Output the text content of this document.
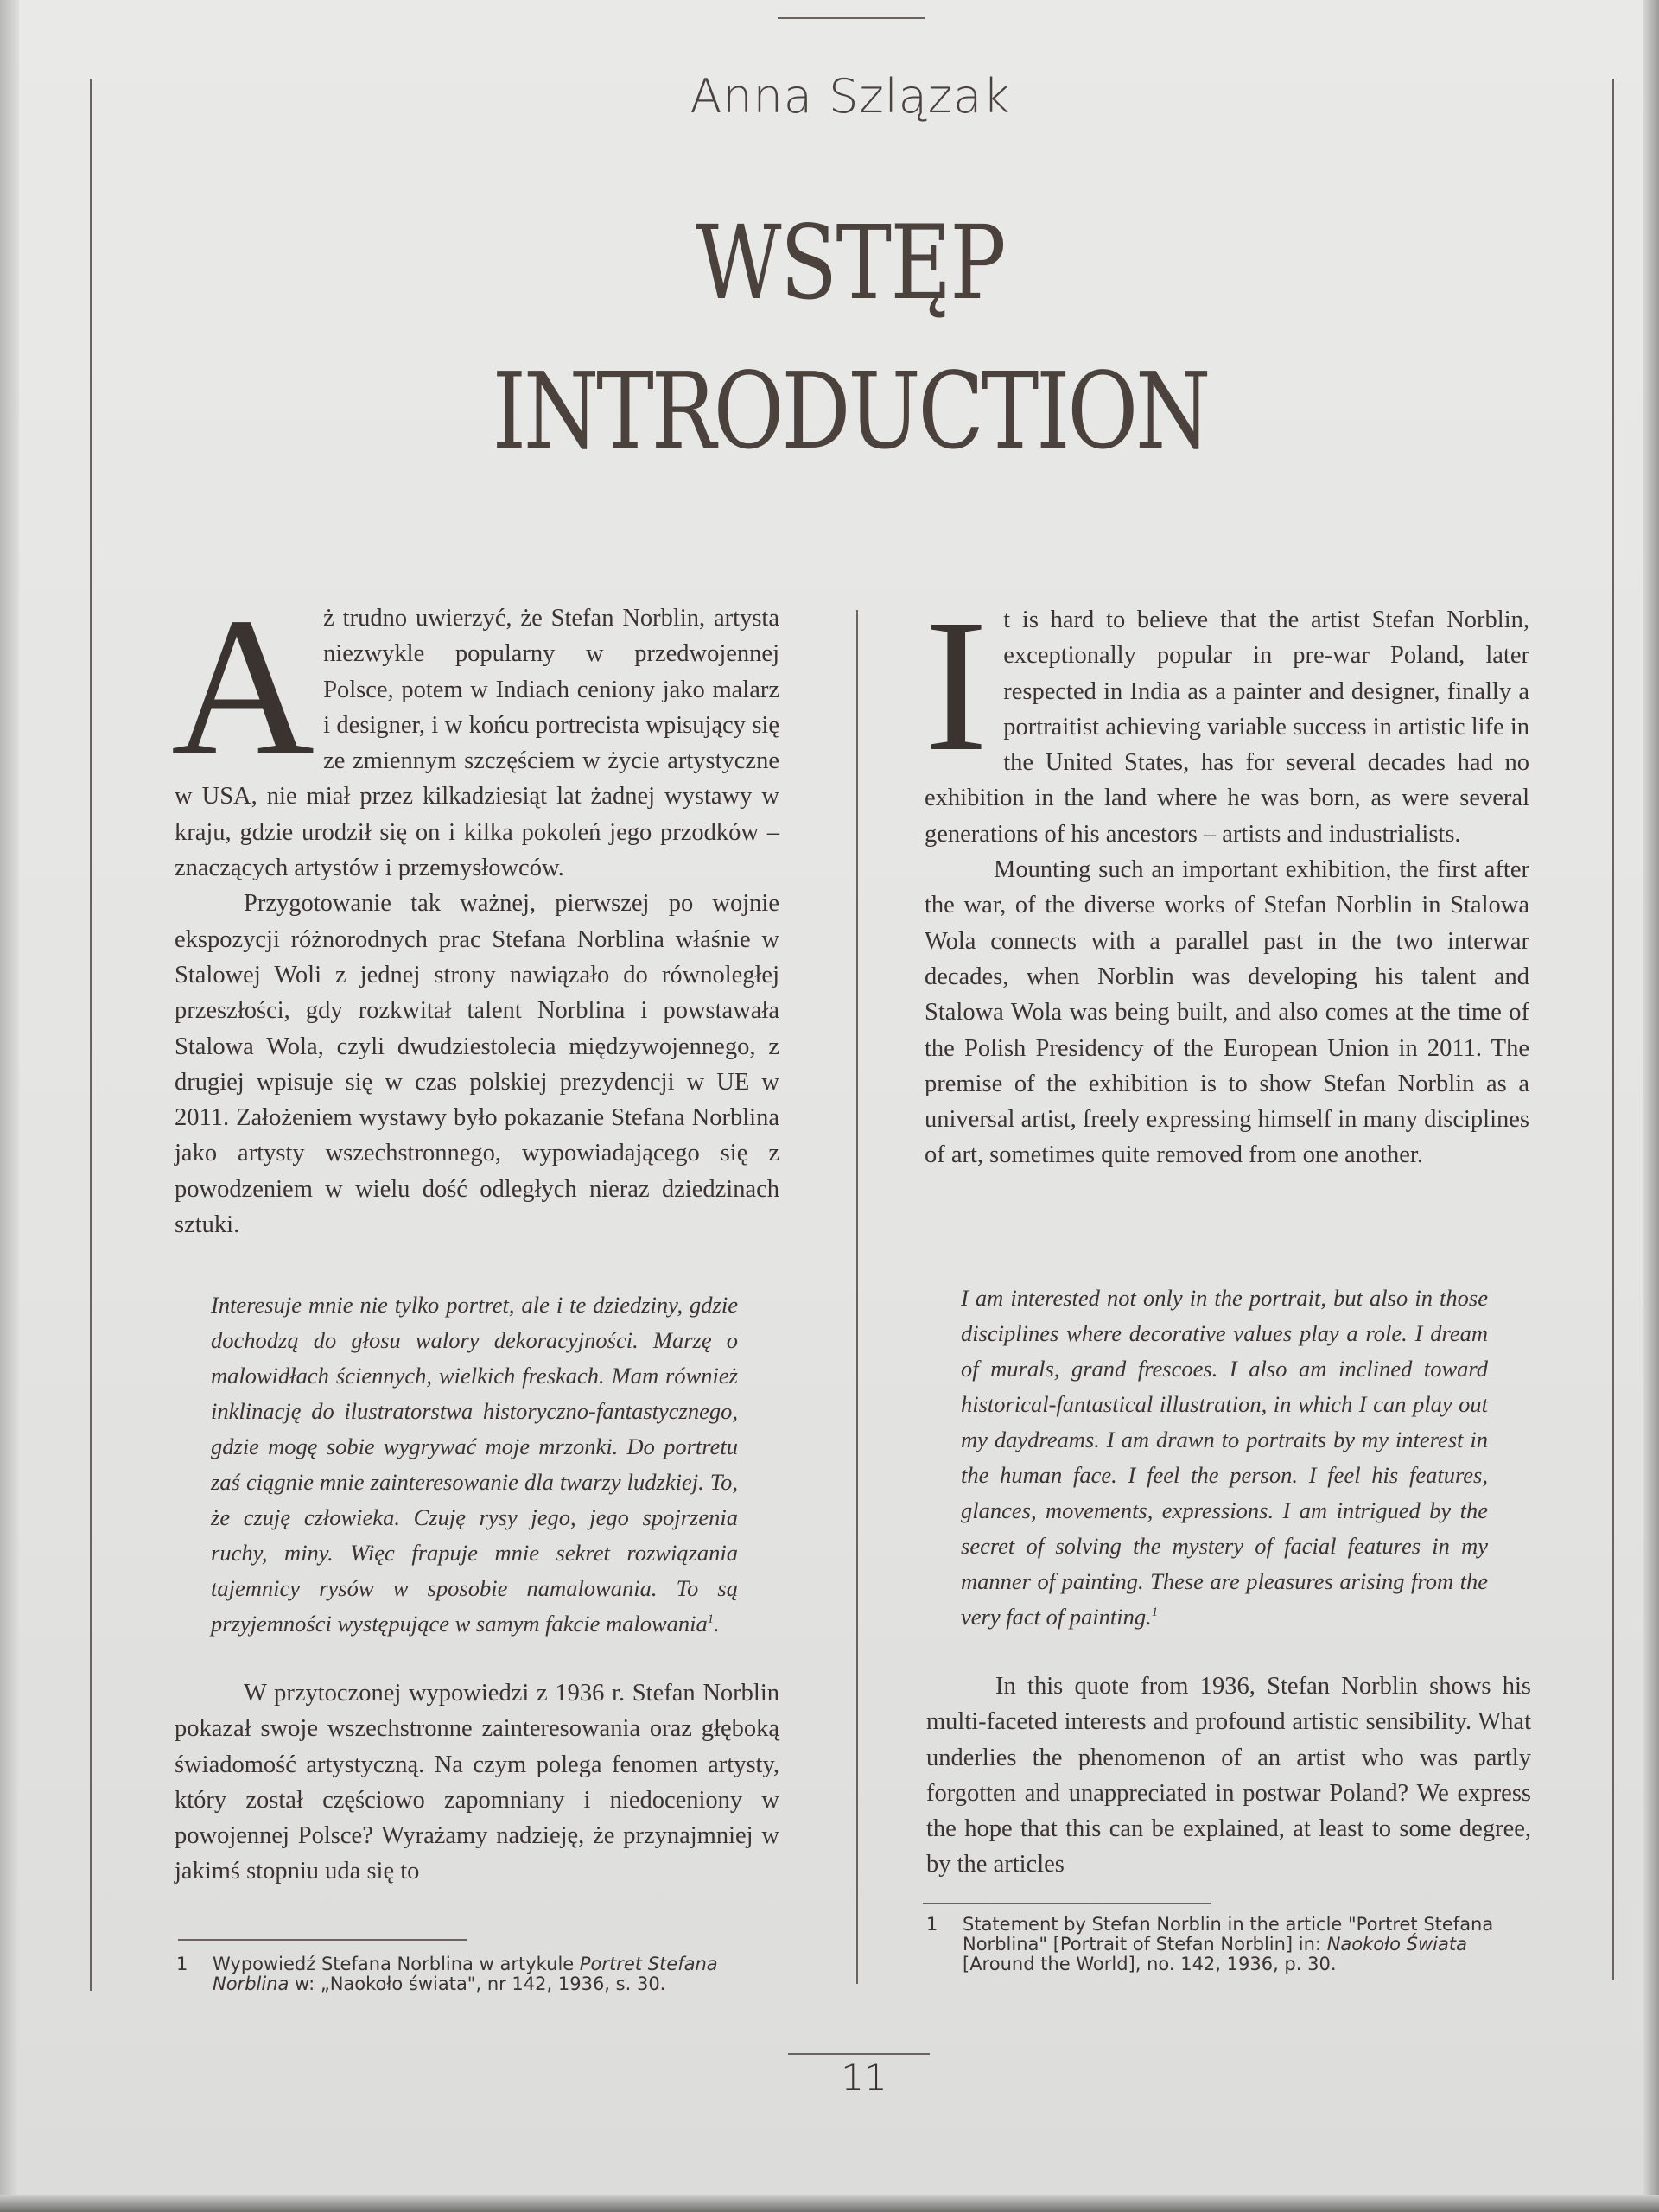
Anna Szlązak
WSTĘP
INTRODUCTION

Aż trudno uwierzyć, że Stefan Norblin, artysta niezwykle popularny w przedwojennej Polsce, potem w Indiach ceniony jako malarz i designer, i w końcu portrecista wpisujący się ze zmiennym szczęściem w życie artystyczne w USA, nie miał przez kilkadziesiąt lat żadnej wystawy w kraju, gdzie urodził się on i kilka pokoleń jego przodków – znaczących artystów i przemysłowców.

Przygotowanie tak ważnej, pierwszej po wojnie ekspozycji różnorodnych prac Stefana Norblina właśnie w Stalowej Woli z jednej strony nawiązało do równoległej przeszłości, gdy rozkwitał talent Norblina i powstawała Stalowa Wola, czyli dwudziestolecia międzywojennego, z drugiej wpisuje się w czas polskiej prezydencji w UE w 2011. Założeniem wystawy było pokazanie Stefana Norblina jako artysty wszechstronnego, wypowiadającego się z powodzeniem w wielu dość odległych nieraz dziedzinach sztuki.

Interesuje mnie nie tylko portret, ale i te dziedziny, gdzie dochodzą do głosu walory dekoracyjności. Marzę o malowidłach ściennych, wielkich freskach. Mam również inklinację do ilustratorstwa historyczno-fantastycznego, gdzie mogę sobie wygrywać moje mrzonki. Do portretu zaś ciągnie mnie zainteresowanie dla twarzy ludzkiej. To, że czuję człowieka. Czuję rysy jego, jego spojrzenia ruchy, miny. Więc frapuje mnie sekret rozwiązania tajemnicy rysów w sposobie namalowania. To są przyjemności występujące w samym fakcie malowania$^1$.

W przytoczonej wypowiedzi z 1936 r. Stefan Norblin pokazał swoje wszechstronne zainteresowania oraz głęboką świadomość artystyczną. Na czym polega fenomen artysty, który został częściowo zapomniany i niedoceniony w powojennej Polsce? Wyrażamy nadzieję, że przynajmniej w jakimś stopniu uda się to

1 Wypowiedź Stefana Norblina w artykule Portret Stefana Norblina w: „Naokoło świata", nr 142, 1936, s. 30.

It is hard to believe that the artist Stefan Norblin, exceptionally popular in pre-war Poland, later respected in India as a painter and designer, finally a portraitist achieving variable success in artistic life in the United States, has for several decades had no exhibition in the land where he was born, as were several generations of his ancestors – artists and industrialists.

Mounting such an important exhibition, the first after the war, of the diverse works of Stefan Norblin in Stalowa Wola connects with a parallel past in the two interwar decades, when Norblin was developing his talent and Stalowa Wola was being built, and also comes at the time of the Polish Presidency of the European Union in 2011. The premise of the exhibition is to show Stefan Norblin as a universal artist, freely expressing himself in many disciplines of art, sometimes quite removed from one another.

I am interested not only in the portrait, but also in those disciplines where decorative values play a role. I dream of murals, grand frescoes. I also am inclined toward historical-fantastical illustration, in which I can play out my daydreams. I am drawn to portraits by my interest in the human face. I feel the person. I feel his features, glances, movements, expressions. I am intrigued by the secret of solving the mystery of facial features in my manner of painting. These are pleasures arising from the very fact of painting.$^1$

In this quote from 1936, Stefan Norblin shows his multi-faceted interests and profound artistic sensibility. What underlies the phenomenon of an artist who was partly forgotten and unappreciated in postwar Poland? We express the hope that this can be explained, at least to some degree, by the articles

1 Statement by Stefan Norblin in the article "Portret Stefana Norblina" [Portrait of Stefan Norblin] in: Naokoło Świata [Around the World], no. 142, 1936, p. 30.
11
